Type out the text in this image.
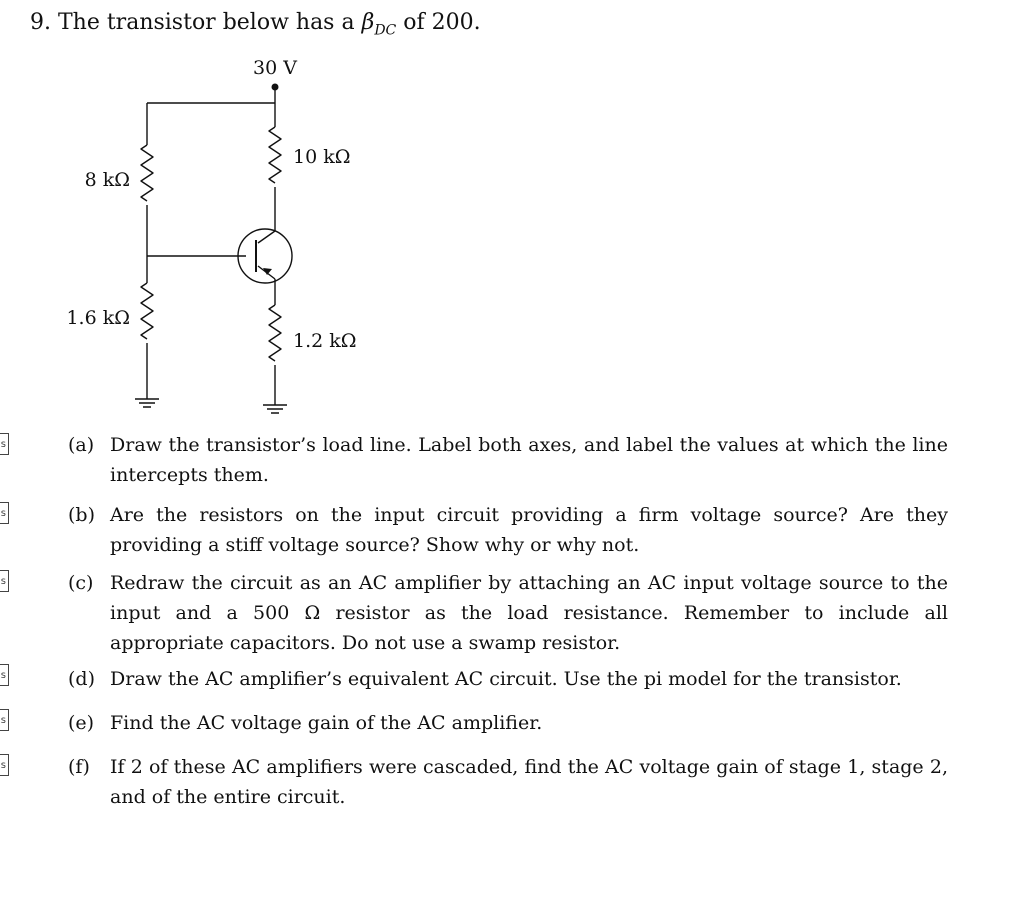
9. The transistor below has a $\beta_{DC}$ of 200.
30 V
8 kΩ
1.6 kΩ
10 kΩ
1.2 kΩ
s
s
s
s
s
s
(a) Draw the transistor’s load line. Label both axes, and label the values at which the line intercepts them.
(b) Are the resistors on the input circuit providing a firm voltage source? Are they providing a stiff voltage source? Show why or why not.
(c) Redraw the circuit as an AC amplifier by attaching an AC input voltage source to the input and a 500 Ω resistor as the load resistance. Remember to include all appropriate capacitors. Do not use a swamp resistor.
(d) Draw the AC amplifier’s equivalent AC circuit. Use the pi model for the transistor.
(e) Find the AC voltage gain of the AC amplifier.
(f) If 2 of these AC amplifiers were cascaded, find the AC voltage gain of stage 1, stage 2, and of the entire circuit.
